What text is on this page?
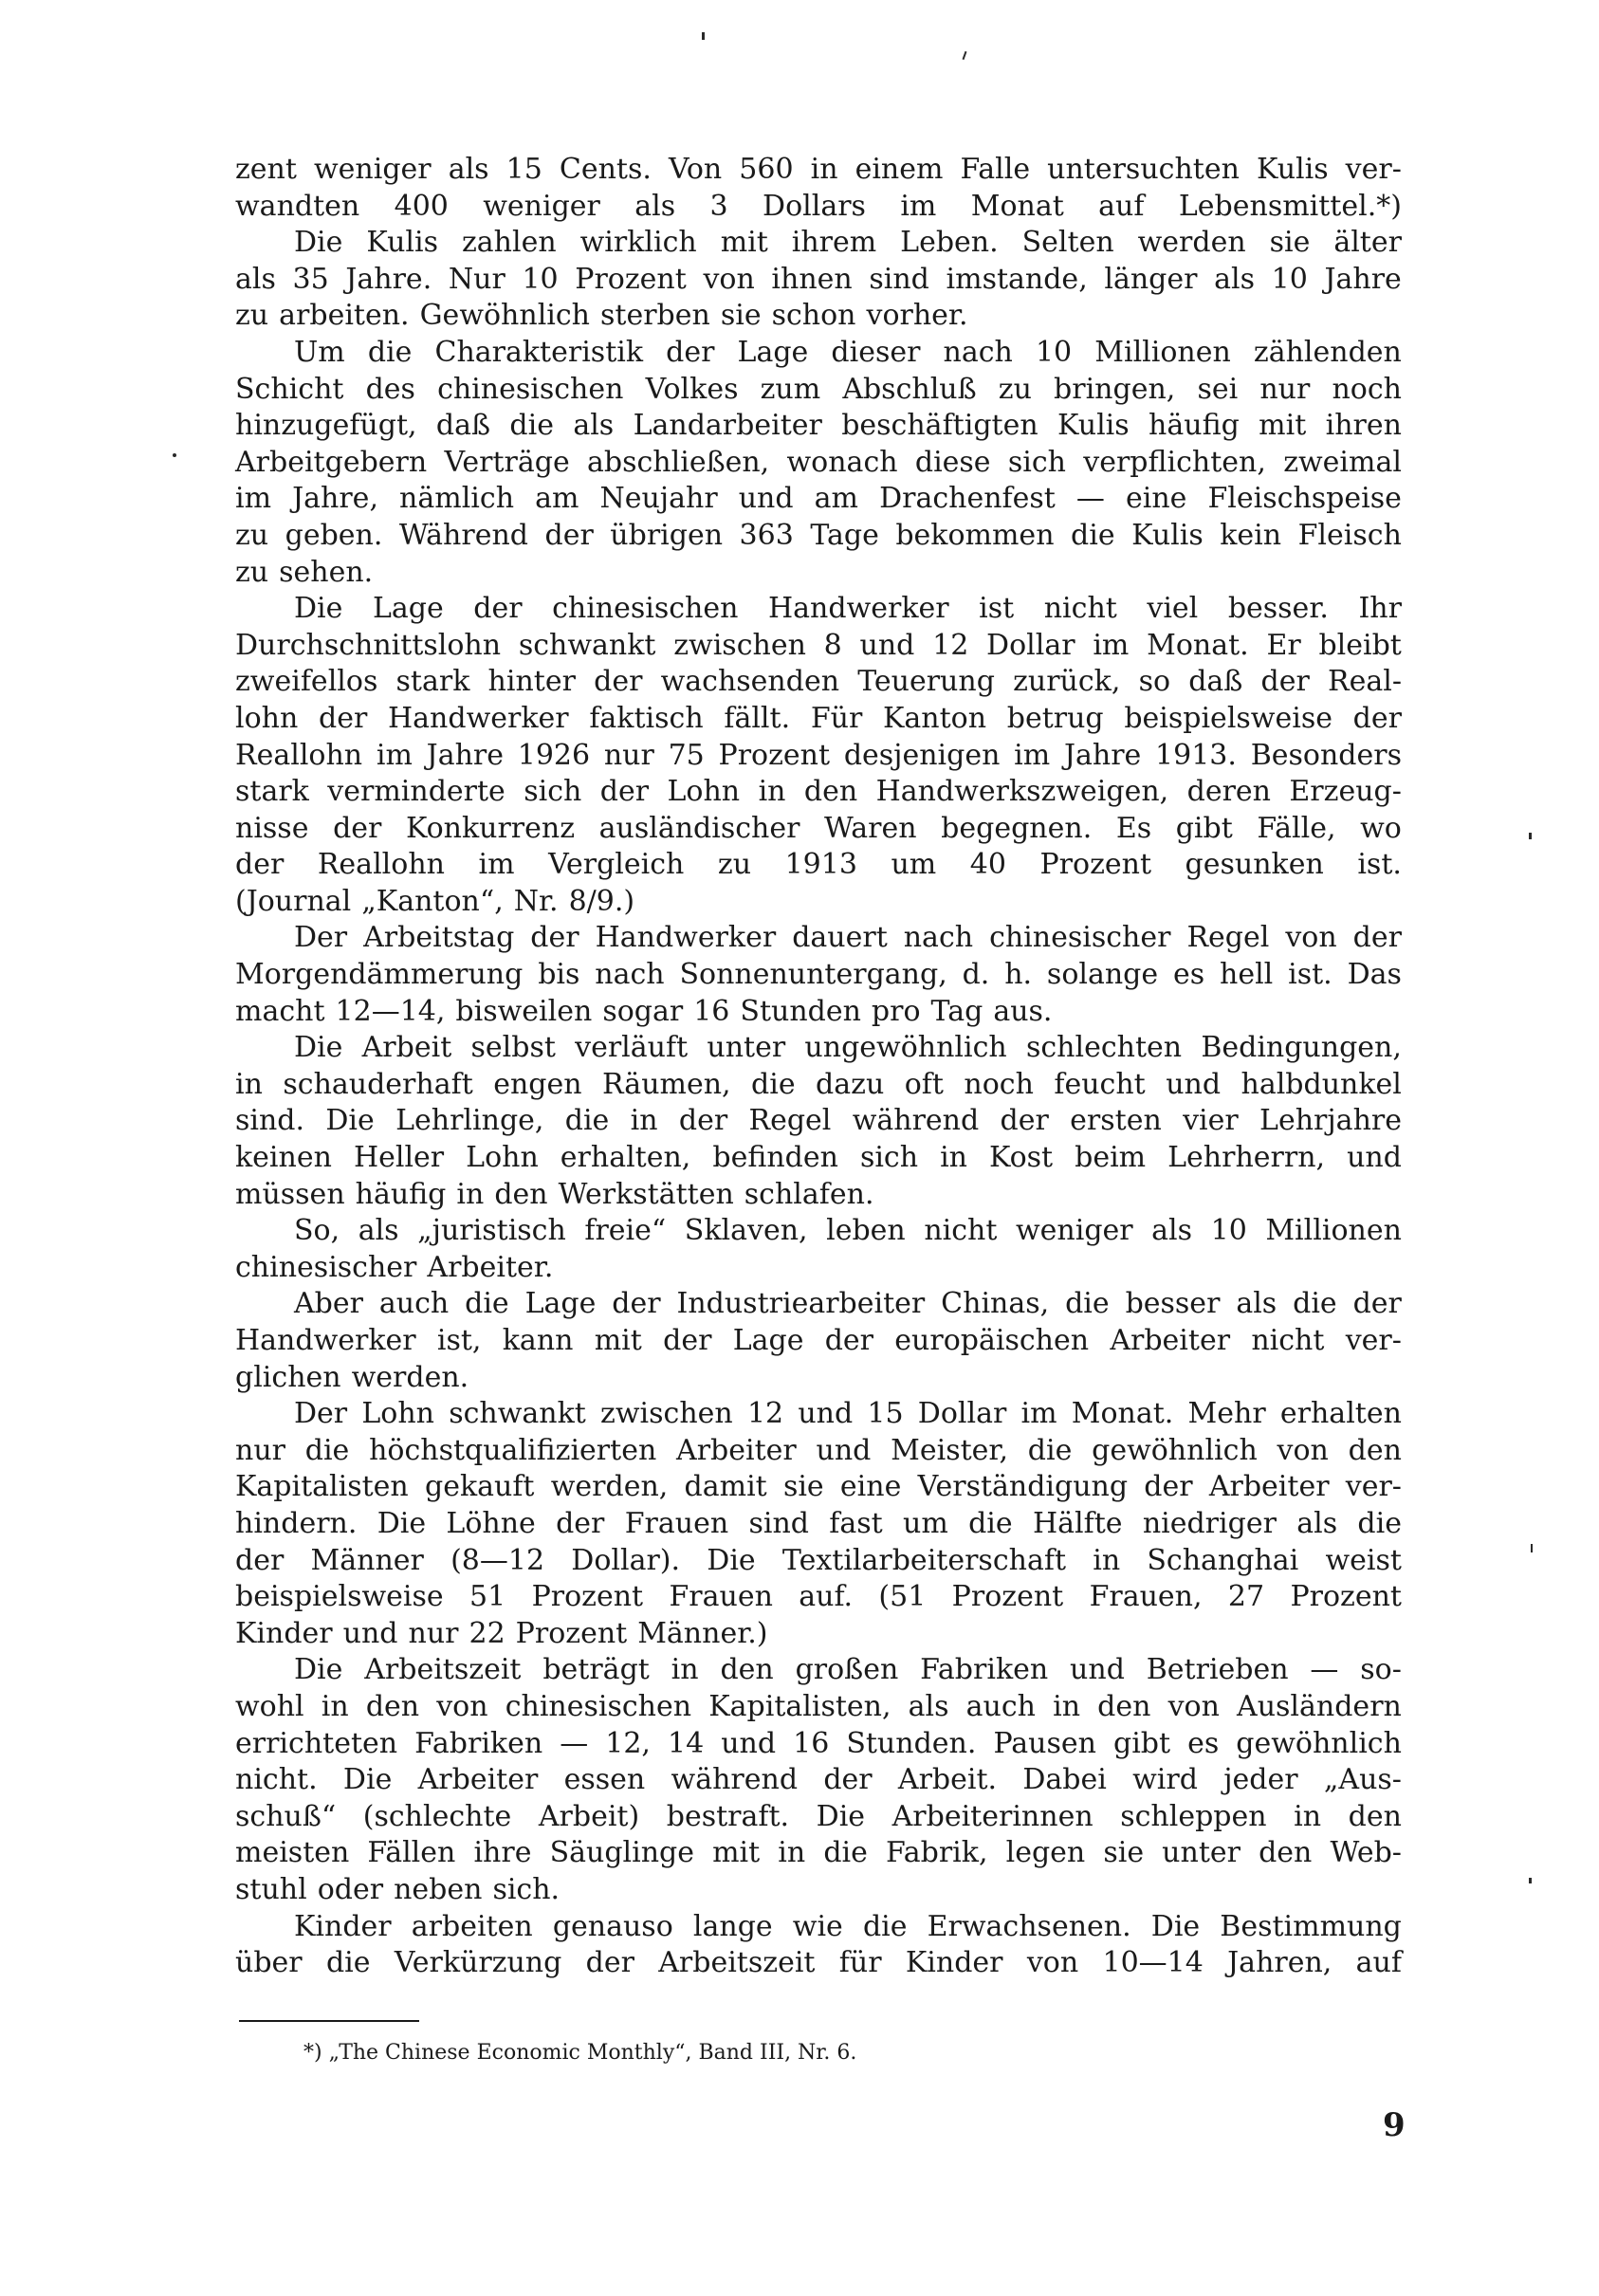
zent weniger als 15 Cents. Von 560 in einem Falle untersuchten Kulis ver-
wandten 400 weniger als 3 Dollars im Monat auf Lebensmittel.*)
Die Kulis zahlen wirklich mit ihrem Leben. Selten werden sie älter
als 35 Jahre. Nur 10 Prozent von ihnen sind imstande, länger als 10 Jahre
zu arbeiten. Gewöhnlich sterben sie schon vorher.
Um die Charakteristik der Lage dieser nach 10 Millionen zählenden
Schicht des chinesischen Volkes zum Abschluß zu bringen, sei nur noch
hinzugefügt, daß die als Landarbeiter beschäftigten Kulis häufig mit ihren
Arbeitgebern Verträge abschließen, wonach diese sich verpflichten, zweimal
im Jahre, nämlich am Neujahr und am Drachenfest — eine Fleischspeise
zu geben. Während der übrigen 363 Tage bekommen die Kulis kein Fleisch
zu sehen.
Die Lage der chinesischen Handwerker ist nicht viel besser. Ihr
Durchschnittslohn schwankt zwischen 8 und 12 Dollar im Monat. Er bleibt
zweifellos stark hinter der wachsenden Teuerung zurück, so daß der Real-
lohn der Handwerker faktisch fällt. Für Kanton betrug beispielsweise der
Reallohn im Jahre 1926 nur 75 Prozent desjenigen im Jahre 1913. Besonders
stark verminderte sich der Lohn in den Handwerkszweigen, deren Erzeug-
nisse der Konkurrenz ausländischer Waren begegnen. Es gibt Fälle, wo
der Reallohn im Vergleich zu 1913 um 40 Prozent gesunken ist.
(Journal „Kanton“, Nr. 8/9.)
Der Arbeitstag der Handwerker dauert nach chinesischer Regel von der
Morgendämmerung bis nach Sonnenuntergang, d. h. solange es hell ist. Das
macht 12—14, bisweilen sogar 16 Stunden pro Tag aus.
Die Arbeit selbst verläuft unter ungewöhnlich schlechten Bedingungen,
in schauderhaft engen Räumen, die dazu oft noch feucht und halbdunkel
sind. Die Lehrlinge, die in der Regel während der ersten vier Lehrjahre
keinen Heller Lohn erhalten, befinden sich in Kost beim Lehrherrn, und
müssen häufig in den Werkstätten schlafen.
So, als „juristisch freie“ Sklaven, leben nicht weniger als 10 Millionen
chinesischer Arbeiter.
Aber auch die Lage der Industriearbeiter Chinas, die besser als die der
Handwerker ist, kann mit der Lage der europäischen Arbeiter nicht ver-
glichen werden.
Der Lohn schwankt zwischen 12 und 15 Dollar im Monat. Mehr erhalten
nur die höchstqualifizierten Arbeiter und Meister, die gewöhnlich von den
Kapitalisten gekauft werden, damit sie eine Verständigung der Arbeiter ver-
hindern. Die Löhne der Frauen sind fast um die Hälfte niedriger als die
der Männer (8—12 Dollar). Die Textilarbeiterschaft in Schanghai weist
beispielsweise 51 Prozent Frauen auf. (51 Prozent Frauen, 27 Prozent
Kinder und nur 22 Prozent Männer.)
Die Arbeitszeit beträgt in den großen Fabriken und Betrieben — so-
wohl in den von chinesischen Kapitalisten, als auch in den von Ausländern
errichteten Fabriken — 12, 14 und 16 Stunden. Pausen gibt es gewöhnlich
nicht. Die Arbeiter essen während der Arbeit. Dabei wird jeder „Aus-
schuß“ (schlechte Arbeit) bestraft. Die Arbeiterinnen schleppen in den
meisten Fällen ihre Säuglinge mit in die Fabrik, legen sie unter den Web-
stuhl oder neben sich.
Kinder arbeiten genauso lange wie die Erwachsenen. Die Bestimmung
über die Verkürzung der Arbeitszeit für Kinder von 10—14 Jahren, auf
*) „The Chinese Economic Monthly“, Band III, Nr. 6.
9
